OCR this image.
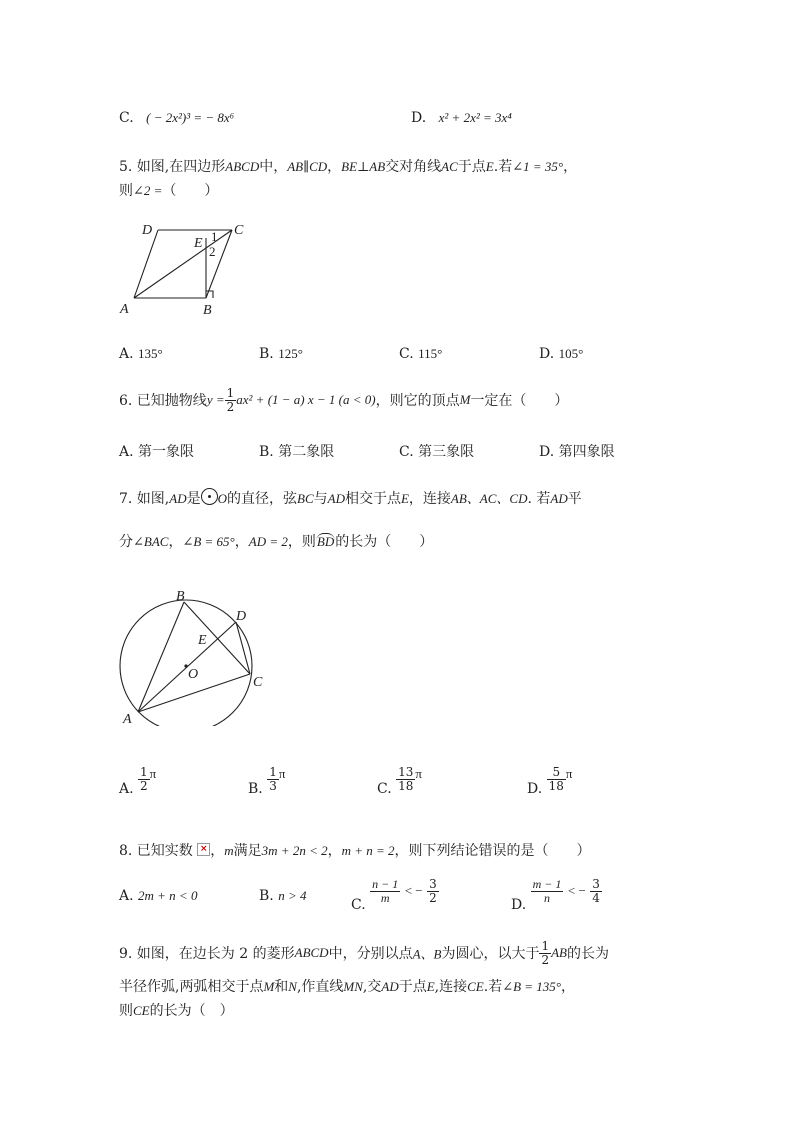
C. ( − 2x²)³ = − 8x⁶	D. x² + 2x² = 3x⁴
5. 如图,在四边形ABCD中，AB∥CD，BE⊥AB交对角线AC于点E.若∠1 = 35°，
则∠2 =（　　）
D
E
C
A	B
1
2
A. 135°	B. 125°	C. 115°	D. 105°
6. 已知抛物线$y = \frac{1}{2} ax^2 + (1 - a) x - 1$ (a < 0)，则它的顶点M一定在（　　）
A. 第一象限	B. 第二象限	C. 第三象限	D. 第四象限
7. 如图,AD是 O的直径，弦BC与AD相交于点E，连接AB、AC、CD. 若AD平
分∠BAC，∠B = 65°，AD = 2，则BD的长为（　　）
B
D
E
O
C
A
A. $\frac{1}{2}$ π
B. $\frac{1}{3}$ π
C. $\frac{13}{18}$ π
D. $\frac{5}{18}$ π
8. 已知实数 × ，m满足3m + 2n < 2，m + n = 2，则下列结论错误的是（　　）
A. 2m + n < 0	B. n > 4
C.
$\frac{n - 1}{m}$ < − $\frac{3}{2}$
D.
$\frac{m - 1}{n}$ < − $\frac{3}{4}$
9. 如图，在边长为 2 的菱形ABCD中，分别以点A、B为圆心，以大于 $\frac{1}{2}$ AB的长为
半径作弧,两弧相交于点M和N,作直线MN,交AD于点E,连接CE.若∠B = 135°，
则CE的长为（　）
